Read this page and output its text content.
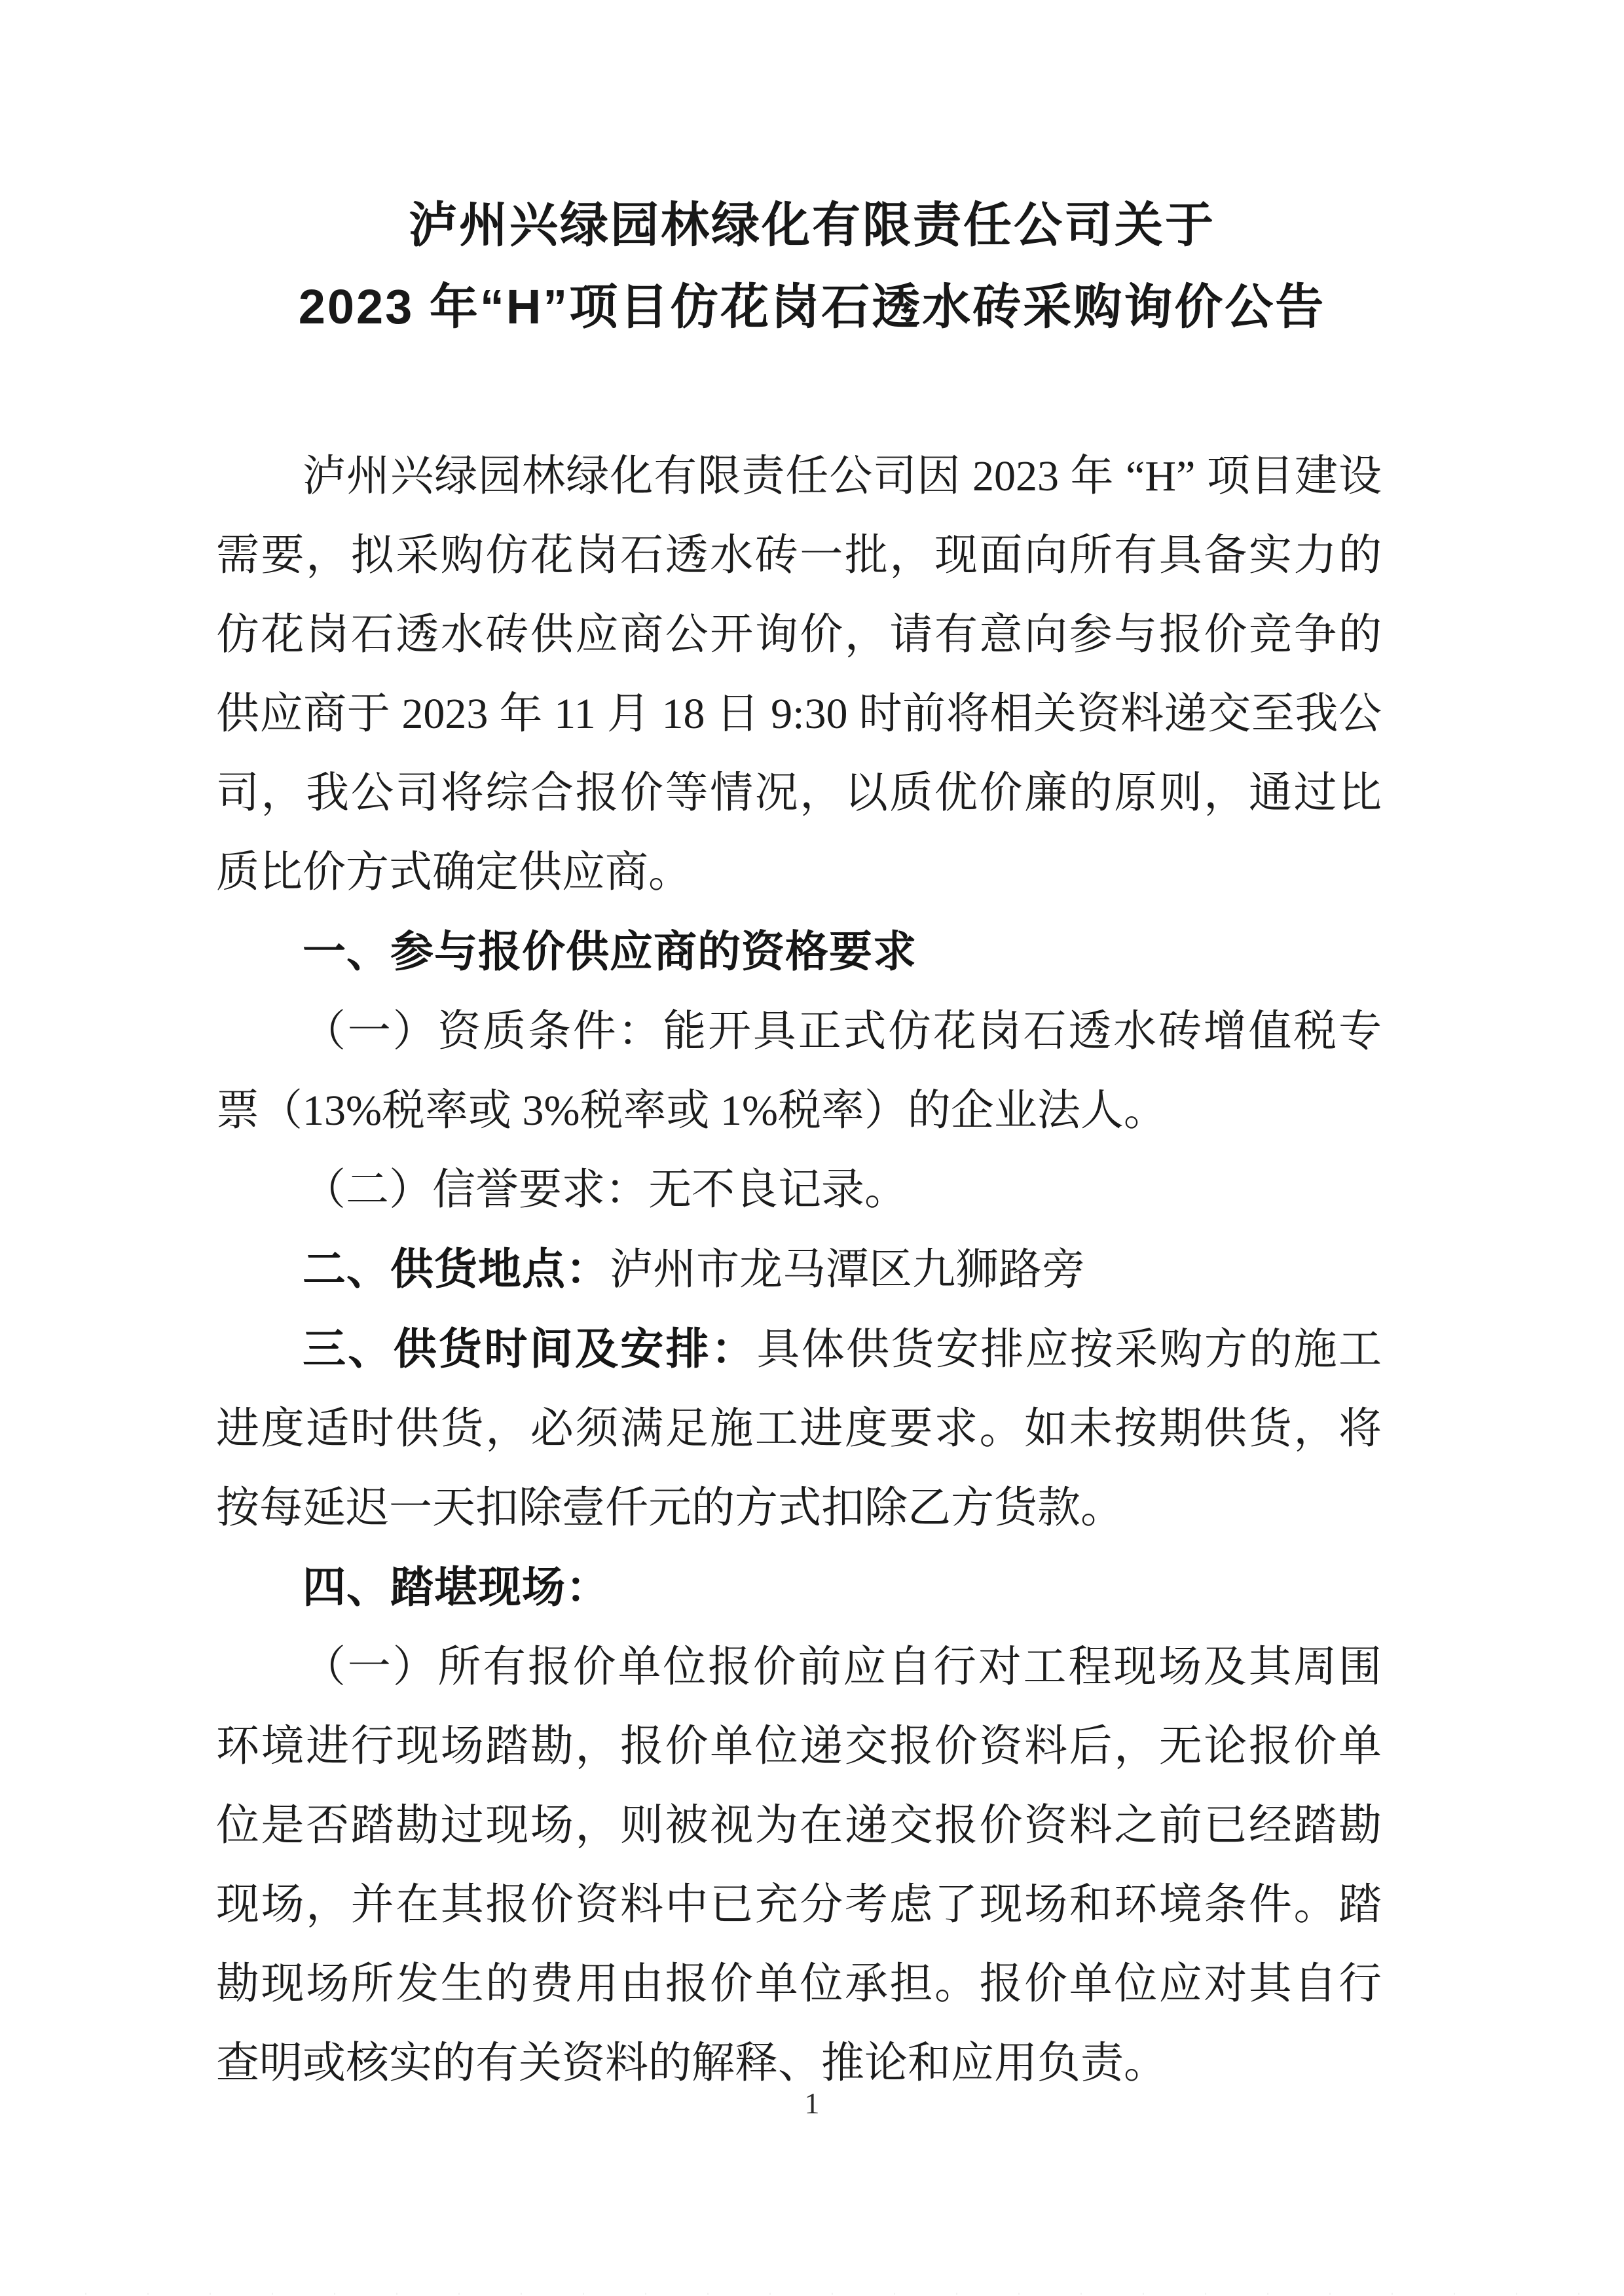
泸州兴绿园林绿化有限责任公司关于
2023 年“H”项目仿花岗石透水砖采购询价公告

泸州兴绿园林绿化有限责任公司因 2023 年 “H” 项目建设需要，拟采购仿花岗石透水砖一批，现面向所有具备实力的仿花岗石透水砖供应商公开询价，请有意向参与报价竞争的供应商于 2023 年 11 月 18 日 9:30 时前将相关资料递交至我公司，我公司将综合报价等情况，以质优价廉的原则，通过比质比价方式确定供应商。

一、参与报价供应商的资格要求

（一）资质条件：能开具正式仿花岗石透水砖增值税专票（13%税率或 3%税率或 1%税率）的企业法人。

（二）信誉要求：无不良记录。

二、供货地点：泸州市龙马潭区九狮路旁

三、供货时间及安排：具体供货安排应按采购方的施工进度适时供货，必须满足施工进度要求。如未按期供货，将按每延迟一天扣除壹仟元的方式扣除乙方货款。

四、踏堪现场：

（一）所有报价单位报价前应自行对工程现场及其周围环境进行现场踏勘，报价单位递交报价资料后，无论报价单位是否踏勘过现场，则被视为在递交报价资料之前已经踏勘现场，并在其报价资料中已充分考虑了现场和环境条件。踏勘现场所发生的费用由报价单位承担。报价单位应对其自行查明或核实的有关资料的解释、推论和应用负责。

1
